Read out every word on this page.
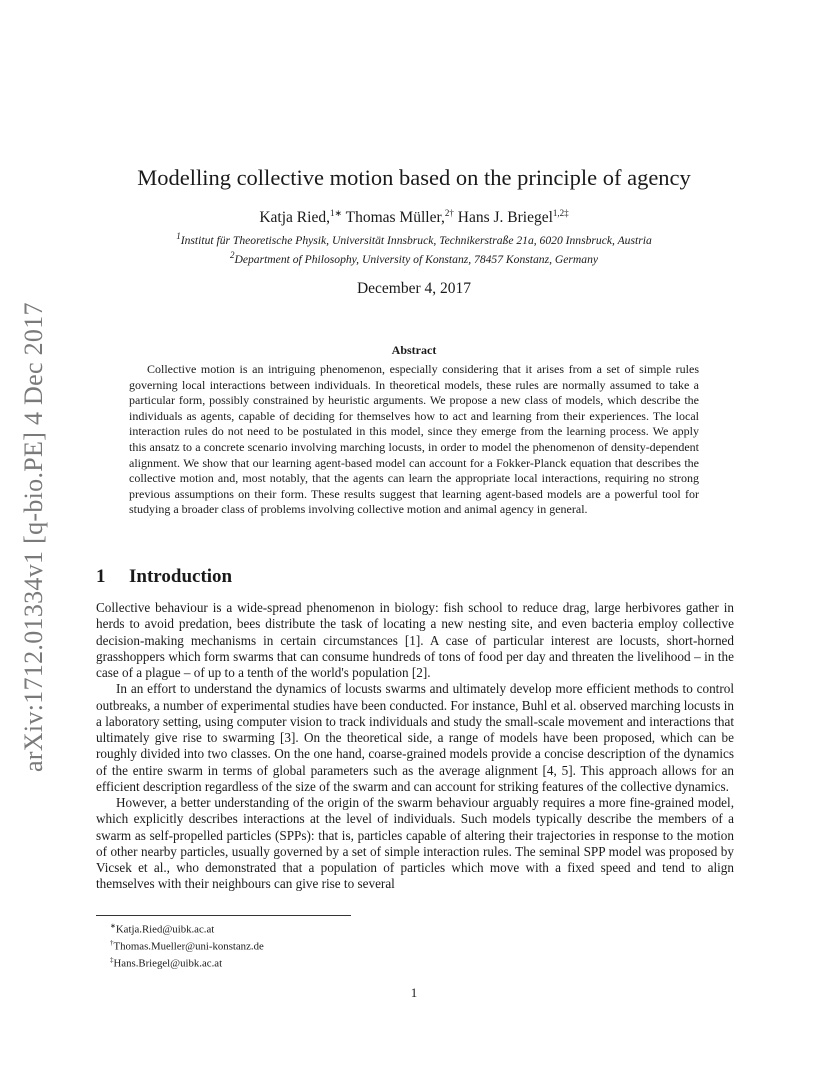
arXiv:1712.01334v1 [q-bio.PE] 4 Dec 2017
Modelling collective motion based on the principle of agency
Katja Ried,$^{1∗}$ Thomas Müller,$^{2\dagger}$ Hans J. Briegel$^{1,2\ddagger}$
$^1$Institut für Theoretische Physik, Universität Innsbruck, Technikerstraße 21a, 6020 Innsbruck, Austria
$^2$Department of Philosophy, University of Konstanz, 78457 Konstanz, Germany
December 4, 2017
Abstract

Collective motion is an intriguing phenomenon, especially considering that it arises from a set of simple rules governing local interactions between individuals. In theoretical models, these rules are normally assumed to take a particular form, possibly constrained by heuristic arguments. We propose a new class of models, which describe the individuals as agents, capable of deciding for themselves how to act and learning from their experiences. The local interaction rules do not need to be postulated in this model, since they emerge from the learning process. We apply this ansatz to a concrete scenario involving marching locusts, in order to model the phenomenon of density-dependent alignment. We show that our learning agent-based model can account for a Fokker-Planck equation that describes the collective motion and, most notably, that the agents can learn the appropriate local interactions, requiring no strong previous assumptions on their form. These results suggest that learning agent-based models are a powerful tool for studying a broader class of problems involving collective motion and animal agency in general.

1 Introduction

Collective behaviour is a wide-spread phenomenon in biology: fish school to reduce drag, large herbivores gather in herds to avoid predation, bees distribute the task of locating a new nesting site, and even bacteria employ collective decision-making mechanisms in certain circumstances [1]. A case of particular interest are locusts, short-horned grasshoppers which form swarms that can consume hundreds of tons of food per day and threaten the livelihood – in the case of a plague – of up to a tenth of the world's population [2].

In an effort to understand the dynamics of locusts swarms and ultimately develop more efficient methods to control outbreaks, a number of experimental studies have been conducted. For instance, Buhl et al. observed marching locusts in a laboratory setting, using computer vision to track individuals and study the small-scale movement and interactions that ultimately give rise to swarming [3]. On the theoretical side, a range of models have been proposed, which can be roughly divided into two classes. On the one hand, coarse-grained models provide a concise description of the dynamics of the entire swarm in terms of global parameters such as the average alignment [4, 5]. This approach allows for an efficient description regardless of the size of the swarm and can account for striking features of the collective dynamics.

However, a better understanding of the origin of the swarm behaviour arguably requires a more fine-grained model, which explicitly describes interactions at the level of individuals. Such models typically describe the members of a swarm as self-propelled particles (SPPs): that is, particles capable of altering their trajectories in response to the motion of other nearby particles, usually governed by a set of simple interaction rules. The seminal SPP model was proposed by Vicsek et al., who demonstrated that a population of particles which move with a fixed speed and tend to align themselves with their neighbours can give rise to several

∗Katja.Ried@uibk.ac.at
†Thomas.Mueller@uni-konstanz.de
‡Hans.Briegel@uibk.ac.at
1
